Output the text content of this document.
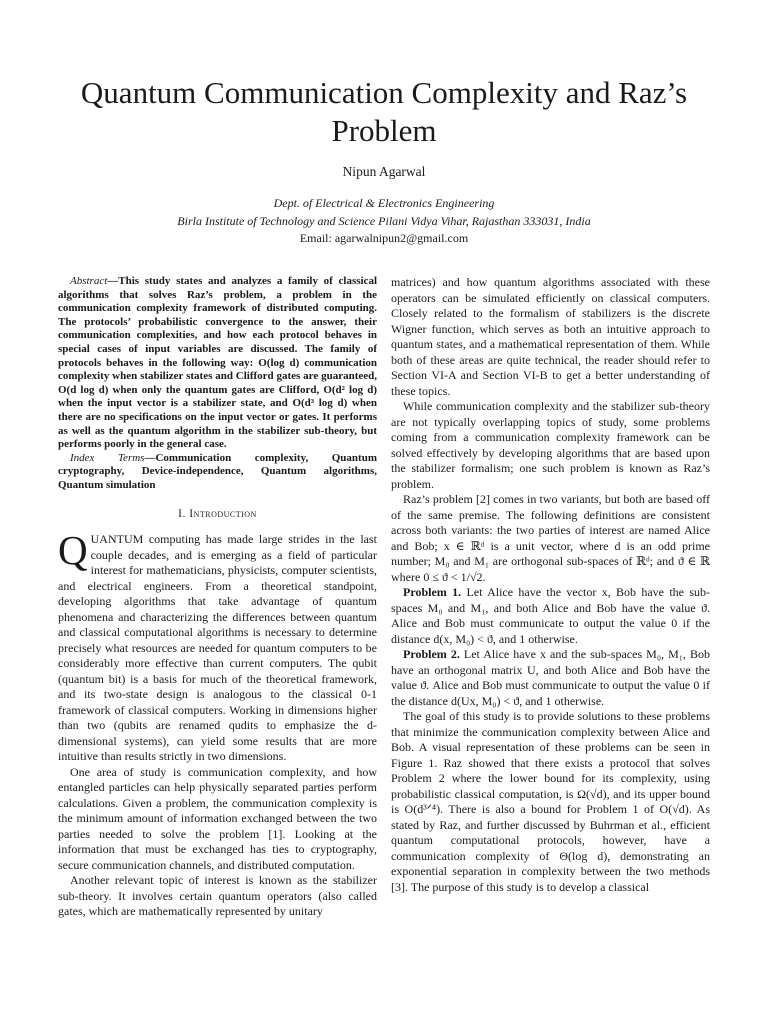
Quantum Communication Complexity and Raz’s Problem
Nipun Agarwal
Dept. of Electrical & Electronics Engineering
Birla Institute of Technology and Science Pilani Vidya Vihar, Rajasthan 333031, India
Email: agarwalnipun2@gmail.com

Abstract—This study states and analyzes a family of classical algorithms that solves Raz’s problem, a problem in the communication complexity framework of distributed computing. The protocols’ probabilistic convergence to the answer, their communication complexities, and how each protocol behaves in special cases of input variables are discussed. The family of protocols behaves in the following way: O(log d) communication complexity when stabilizer states and Clifford gates are guaranteed, O(d log d) when only the quantum gates are Clifford, O(d² log d) when the input vector is a stabilizer state, and O(d³ log d) when there are no specifications on the input vector or gates. It performs as well as the quantum algorithm in the stabilizer sub-theory, but performs poorly in the general case.

Index Terms—Communication complexity, Quantum cryptography, Device-independence, Quantum algorithms, Quantum simulation

I. Introduction

QUANTUM computing has made large strides in the last couple decades, and is emerging as a field of particular interest for mathematicians, physicists, computer scientists, and electrical engineers. From a theoretical standpoint, developing algorithms that take advantage of quantum phenomena and characterizing the differences between quantum and classical computational algorithms is necessary to determine precisely what resources are needed for quantum computers to be considerably more effective than current computers. The qubit (quantum bit) is a basis for much of the theoretical framework, and its two-state design is analogous to the classical 0-1 framework of classical computers. Working in dimensions higher than two (qubits are renamed qudits to emphasize the d-dimensional systems), can yield some results that are more intuitive than results strictly in two dimensions.

One area of study is communication complexity, and how entangled particles can help physically separated parties perform calculations. Given a problem, the communication complexity is the minimum amount of information exchanged between the two parties needed to solve the problem [1]. Looking at the information that must be exchanged has ties to cryptography, secure communication channels, and distributed computation.

Another relevant topic of interest is known as the stabilizer sub-theory. It involves certain quantum operators (also called gates, which are mathematically represented by unitary

matrices) and how quantum algorithms associated with these operators can be simulated efficiently on classical computers. Closely related to the formalism of stabilizers is the discrete Wigner function, which serves as both an intuitive approach to quantum states, and a mathematical representation of them. While both of these areas are quite technical, the reader should refer to Section VI-A and Section VI-B to get a better understanding of these topics.

While communication complexity and the stabilizer sub-theory are not typically overlapping topics of study, some problems coming from a communication complexity framework can be solved effectively by developing algorithms that are based upon the stabilizer formalism; one such problem is known as Raz’s problem.

Raz’s problem [2] comes in two variants, but both are based off of the same premise. The following definitions are consistent across both variants: the two parties of interest are named Alice and Bob; x ∈ ℝᵈ is a unit vector, where d is an odd prime number; M₀ and M₁ are orthogonal sub-spaces of ℝᵈ; and ϑ ∈ ℝ where 0 ≤ ϑ < 1/√2.

Problem 1. Let Alice have the vector x, Bob have the sub-spaces M₀ and M₁, and both Alice and Bob have the value ϑ. Alice and Bob must communicate to output the value 0 if the distance d(x, M₀) < ϑ, and 1 otherwise.

Problem 2. Let Alice have x and the sub-spaces M₀, M₁, Bob have an orthogonal matrix U, and both Alice and Bob have the value ϑ. Alice and Bob must communicate to output the value 0 if the distance d(Ux, M₀) < ϑ, and 1 otherwise.

The goal of this study is to provide solutions to these problems that minimize the communication complexity between Alice and Bob. A visual representation of these problems can be seen in Figure 1. Raz showed that there exists a protocol that solves Problem 2 where the lower bound for its complexity, using probabilistic classical computation, is Ω(√d), and its upper bound is O(d³ᐟ⁴). There is also a bound for Problem 1 of O(√d). As stated by Raz, and further discussed by Buhrman et al., efficient quantum computational protocols, however, have a communication complexity of Θ(log d), demonstrating an exponential separation in complexity between the two methods [3]. The purpose of this study is to develop a classical
